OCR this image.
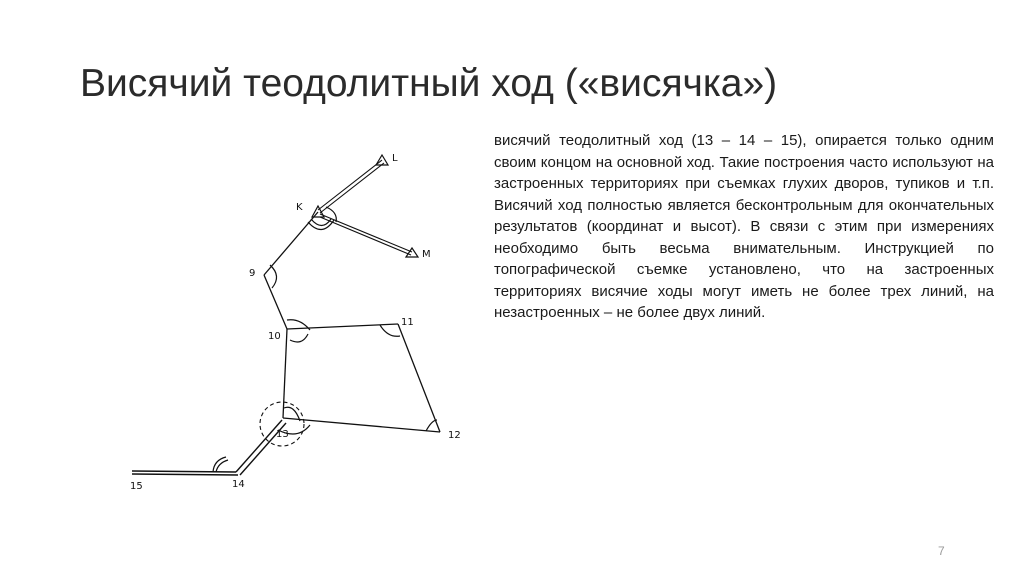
Висячий теодолитный ход («висячка»)
L
K
M
9
10
11
12
13
14
15
висячий теодолитный ход (13 – 14 – 15), опирается только одним своим концом на основной ход. Такие построения часто используют на застроенных территориях при съемках глухих дворов, тупиков и т.п. Висячий ход полностью является бесконтрольным для окончательных результатов (координат и высот). В связи с этим при измерениях необходимо быть весьма внимательным. Инструкцией по топографической съемке установлено, что на застроенных территориях висячие ходы могут иметь не более трех линий, на незастроенных – не более двух линий.
7
